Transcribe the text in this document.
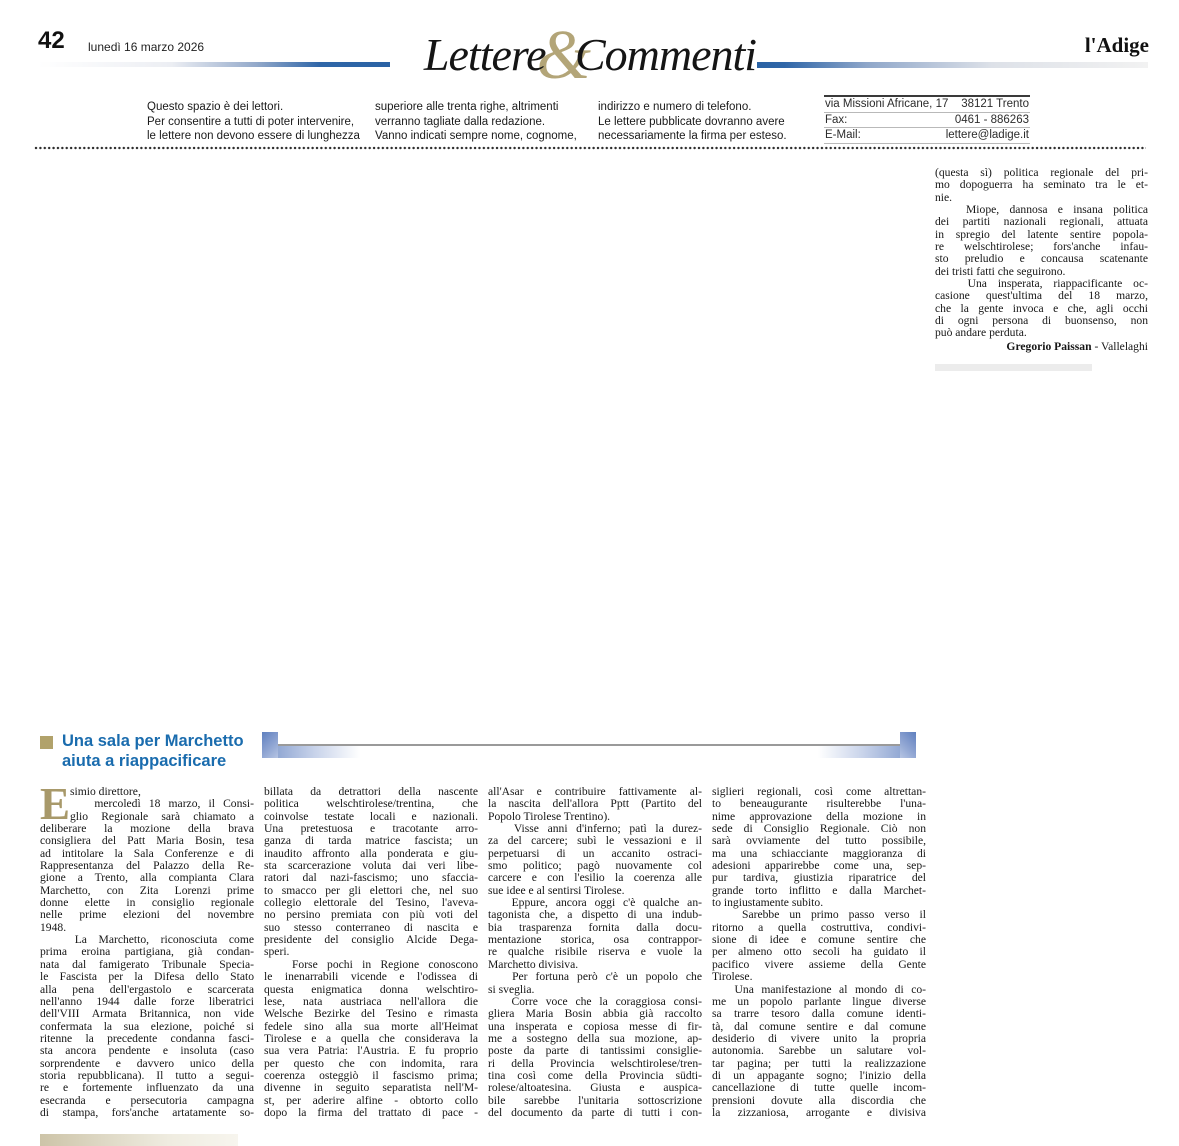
42 lunedì 16 marzo 2026	Lettere&Commenti	l'Adige
Questo spazio è dei lettori.
Per consentire a tutti di poter intervenire,
le lettere non devono essere di lunghezza
superiore alle trenta righe, altrimenti
verranno tagliate dalla redazione.
Vanno indicati sempre nome, cognome,
indirizzo e numero di telefono.
Le lettere pubblicate dovranno avere
necessariamente la firma per esteso.
via Missioni Africane, 17 38121 Trento
Fax:	0461 - 886263
E-Mail:	lettere@ladige.it
(questa sì) politica regionale del pri-
mo dopoguerra ha seminato tra le et-
nie.
Miope, dannosa e insana politica
dei partiti nazionali regionali, attuata
in spregio del latente sentire popola-
re welschtirolese; fors'anche infau-
sto preludio e concausa scatenante
dei tristi fatti che seguirono.
Una insperata, riappacificante oc-
casione quest'ultima del 18 marzo,
che la gente invoca e che, agli occhi
di ogni persona di buonsenso, non
può andare perduta.
Gregorio Paissan - Vallelaghi
Una sala per Marchetto
aiuta a riappacificare
E simio direttore,
mercoledì 18 marzo, il Consi-
glio Regionale sarà chiamato a
deliberare la mozione della brava
consigliera del Patt Maria Bosin, tesa
ad intitolare la Sala Conferenze e di
Rappresentanza del Palazzo della Re-
gione a Trento, alla compianta Clara
Marchetto, con Zita Lorenzi prime
donne elette in consiglio regionale
nelle prime elezioni del novembre
1948.
La Marchetto, riconosciuta come
prima eroina partigiana, già condan-
nata dal famigerato Tribunale Specia-
le Fascista per la Difesa dello Stato
alla pena dell'ergastolo e scarcerata
nell'anno 1944 dalle forze liberatrici
dell'VIII Armata Britannica, non vide
confermata la sua elezione, poiché si
ritenne la precedente condanna fasci-
sta ancora pendente e insoluta (caso
sorprendente e davvero unico della
storia repubblicana). Il tutto a segui-
re e fortemente influenzato da una
esecranda e persecutoria campagna
di stampa, fors'anche artatamente so-
billata da detrattori della nascente
politica welschtirolese/trentina, che
coinvolse testate locali e nazionali.
Una pretestuosa e tracotante arro-
ganza di tarda matrice fascista; un
inaudito affronto alla ponderata e giu-
sta scarcerazione voluta dai veri libe-
ratori dal nazi-fascismo; uno sfaccia-
to smacco per gli elettori che, nel suo
collegio elettorale del Tesino, l'aveva-
no persino premiata con più voti del
suo stesso conterraneo di nascita e
presidente del consiglio Alcide Dega-
speri.
Forse pochi in Regione conoscono
le inenarrabili vicende e l'odissea di
questa enigmatica donna welschtiro-
lese, nata austriaca nell'allora die
Welsche Bezirke del Tesino e rimasta
fedele sino alla sua morte all'Heimat
Tirolese e a quella che considerava la
sua vera Patria: l'Austria. E fu proprio
per questo che con indomita, rara
coerenza osteggiò il fascismo prima;
divenne in seguito separatista nell'M-
st, per aderire alfine - obtorto collo
dopo la firma del trattato di pace -
all'Asar e contribuire fattivamente al-
la nascita dell'allora Pptt (Partito del
Popolo Tirolese Trentino).
Visse anni d'inferno; patì la durez-
za del carcere; subì le vessazioni e il
perpetuarsi di un accanito ostraci-
smo politico; pagò nuovamente col
carcere e con l'esilio la coerenza alle
sue idee e al sentirsi Tirolese.
Eppure, ancora oggi c'è qualche an-
tagonista che, a dispetto di una indub-
bia trasparenza fornita dalla docu-
mentazione storica, osa contrappor-
re qualche risibile riserva e vuole la
Marchetto divisiva.
Per fortuna però c'è un popolo che
si sveglia.
Corre voce che la coraggiosa consi-
gliera Maria Bosin abbia già raccolto
una insperata e copiosa messe di fir-
me a sostegno della sua mozione, ap-
poste da parte di tantissimi consiglie-
ri della Provincia welschtirolese/tren-
tina così come della Provincia südti-
rolese/altoatesina. Giusta e auspica-
bile sarebbe l'unitaria sottoscrizione
del documento da parte di tutti i con-
siglieri regionali, così come altrettan-
to beneaugurante risulterebbe l'una-
nime approvazione della mozione in
sede di Consiglio Regionale. Ciò non
sarà ovviamente del tutto possibile,
ma una schiacciante maggioranza di
adesioni apparirebbe come una, sep-
pur tardiva, giustizia riparatrice del
grande torto inflitto e dalla Marchet-
to ingiustamente subito.
Sarebbe un primo passo verso il
ritorno a quella costruttiva, condivi-
sione di idee e comune sentire che
per almeno otto secoli ha guidato il
pacifico vivere assieme della Gente
Tirolese.
Una manifestazione al mondo di co-
me un popolo parlante lingue diverse
sa trarre tesoro dalla comune identi-
tà, dal comune sentire e dal comune
desiderio di vivere unito la propria
autonomia. Sarebbe un salutare vol-
tar pagina; per tutti la realizzazione
di un appagante sogno; l'inizio della
cancellazione di tutte quelle incom-
prensioni dovute alla discordia che
la zizzaniosa, arrogante e divisiva
